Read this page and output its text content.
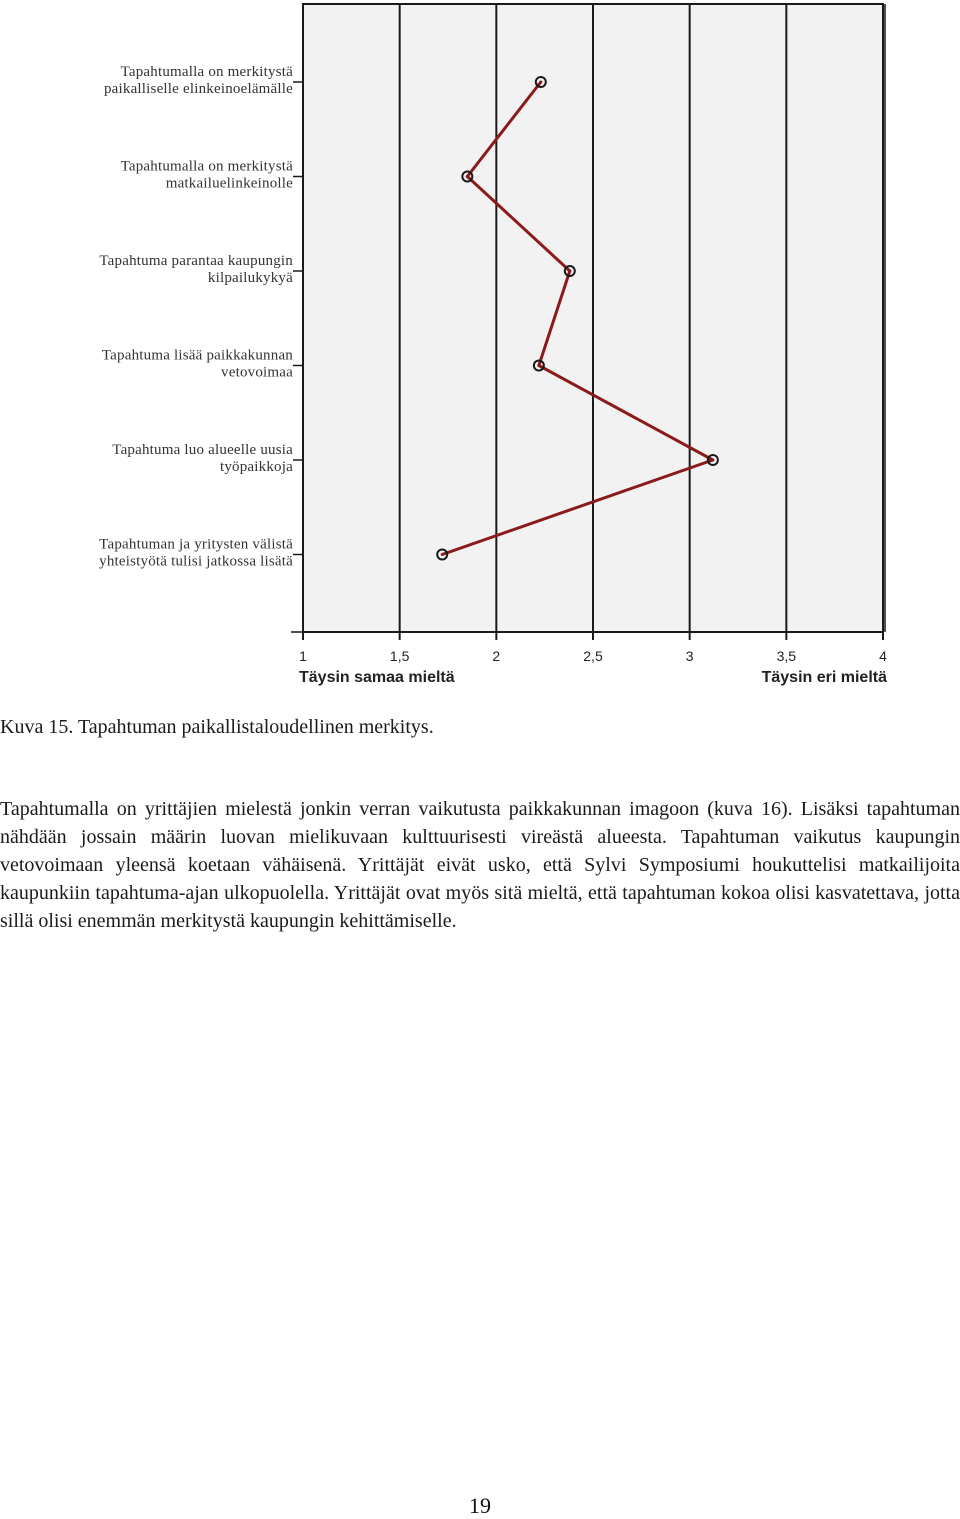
Tapahtumalla on merkitystä paikalliselle elinkeinoelämälle
Tapahtumalla on merkitystä matkailuelinkeinolle
Tapahtuma parantaa kaupungin kilpailukykyä
Tapahtuma lisää paikkakunnan vetovoimaa
Tapahtuma luo alueelle uusia työpaikkoja
Tapahtuman ja yritysten välistä yhteistyötä tulisi jatkossa lisätä
1	1,5	2	2,5	3	3,5	4
Täysin samaa mieltä	Täysin eri mieltä

Kuva 15. Tapahtuman paikallistaloudellinen merkitys.

Tapahtumalla on yrittäjien mielestä jonkin verran vaikutusta paikkakunnan imagoon (kuva 16). Lisäksi tapahtuman nähdään jossain määrin luovan mielikuvaan kulttuurisesti vireästä alueesta. Tapahtuman vaikutus kaupungin vetovoimaan yleensä koetaan vähäisenä. Yrittäjät eivät usko, että Sylvi Symposiumi houkuttelisi matkailijoita kaupunkiin tapahtuma-ajan ulkopuolella. Yrittäjät ovat myös sitä mieltä, että tapahtuman kokoa olisi kasvatettava, jotta sillä olisi enemmän merkitystä kaupungin kehittämiselle.

19
